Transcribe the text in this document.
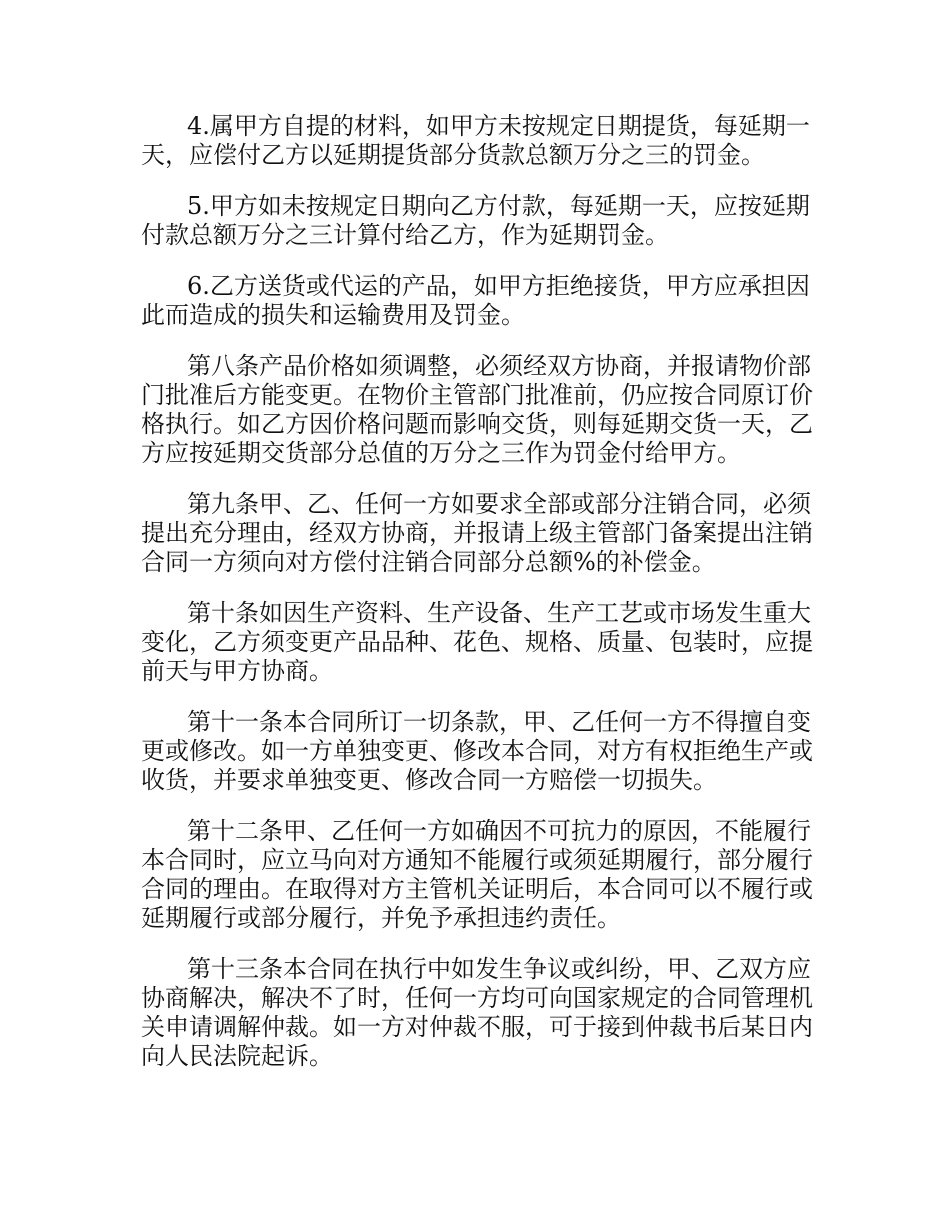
4.属甲方自提的材料，如甲方未按规定日期提货，每延期一天，应偿付乙方以延期提货部分货款总额万分之三的罚金。

5.甲方如未按规定日期向乙方付款，每延期一天，应按延期付款总额万分之三计算付给乙方，作为延期罚金。

6.乙方送货或代运的产品，如甲方拒绝接货，甲方应承担因此而造成的损失和运输费用及罚金。

第八条产品价格如须调整，必须经双方协商，并报请物价部门批准后方能变更。在物价主管部门批准前，仍应按合同原订价格执行。如乙方因价格问题而影响交货，则每延期交货一天，乙方应按延期交货部分总值的万分之三作为罚金付给甲方。

第九条甲、乙、任何一方如要求全部或部分注销合同，必须提出充分理由，经双方协商，并报请上级主管部门备案提出注销合同一方须向对方偿付注销合同部分总额%的补偿金。

第十条如因生产资料、生产设备、生产工艺或市场发生重大变化，乙方须变更产品品种、花色、规格、质量、包装时，应提前天与甲方协商。

第十一条本合同所订一切条款，甲、乙任何一方不得擅自变更或修改。如一方单独变更、修改本合同，对方有权拒绝生产或收货，并要求单独变更、修改合同一方赔偿一切损失。

第十二条甲、乙任何一方如确因不可抗力的原因，不能履行本合同时，应立马向对方通知不能履行或须延期履行，部分履行合同的理由。在取得对方主管机关证明后，本合同可以不履行或延期履行或部分履行，并免予承担违约责任。

第十三条本合同在执行中如发生争议或纠纷，甲、乙双方应协商解决，解决不了时，任何一方均可向国家规定的合同管理机关申请调解仲裁。如一方对仲裁不服，可于接到仲裁书后某日内向人民法院起诉。
